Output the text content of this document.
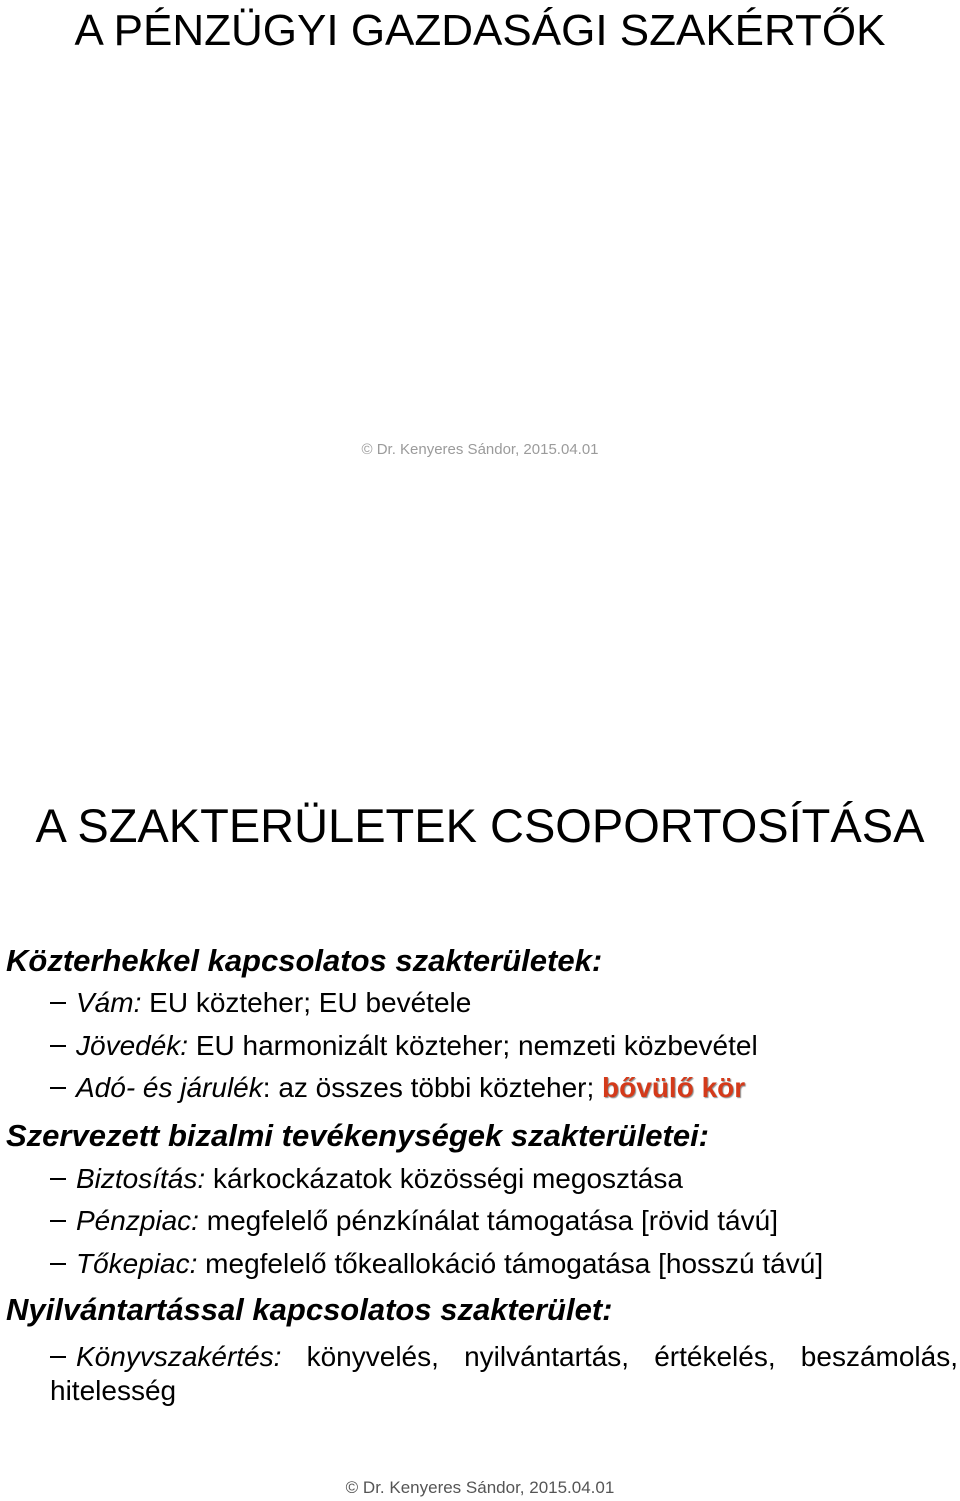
A PÉNZÜGYI GAZDASÁGI SZAKÉRTŐK
© Dr. Kenyeres Sándor, 2015.04.01
A SZAKTERÜLETEK CSOPORTOSÍTÁSA
Közterhekkel kapcsolatos szakterületek:
Vám: EU közteher; EU bevétele
Jövedék: EU harmonizált közteher; nemzeti közbevétel
Adó- és járulék: az összes többi közteher; bővülő kör
Szervezett bizalmi tevékenységek szakterületei:
Biztosítás: kárkockázatok közösségi megosztása
Pénzpiac: megfelelő pénzkínálat támogatása [rövid távú]
Tőkepiac: megfelelő tőkeallokáció támogatása [hosszú távú]
Nyilvántartással kapcsolatos szakterület:
Könyvszakértés: könyvelés, nyilvántartás, értékelés, beszámolás, hitelesség
© Dr. Kenyeres Sándor, 2015.04.01
